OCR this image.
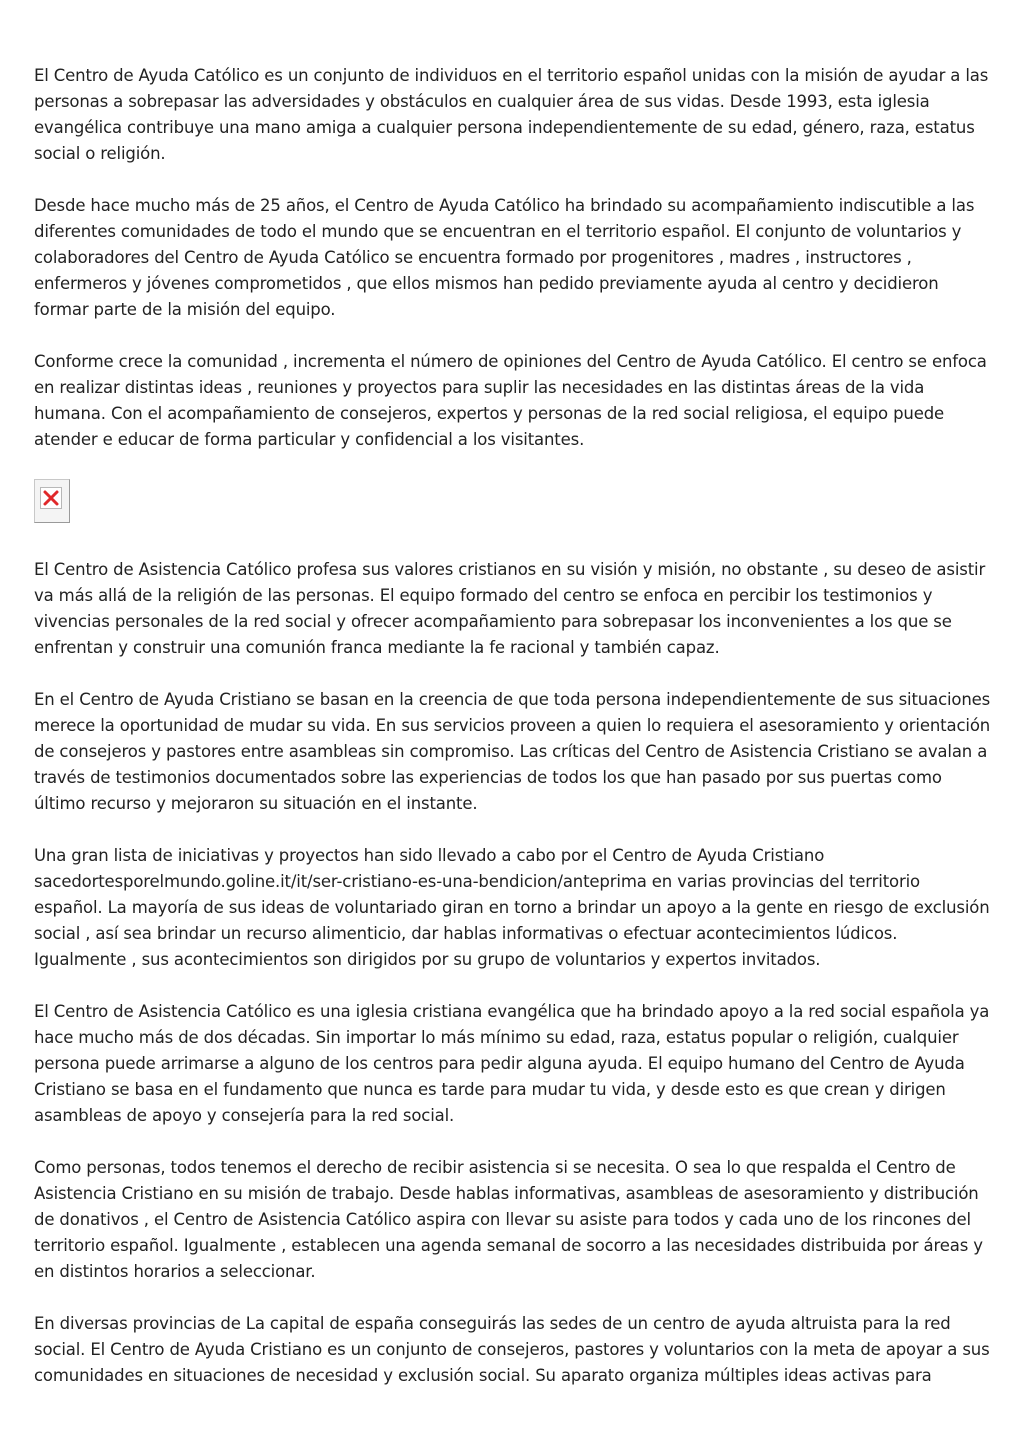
El Centro de Ayuda Católico es un conjunto de individuos en el territorio español unidas con la misión de ayudar a las personas a sobrepasar las adversidades y obstáculos en cualquier área de sus vidas. Desde 1993, esta iglesia evangélica contribuye una mano amiga a cualquier persona independientemente de su edad, género, raza, estatus social o religión.

Desde hace mucho más de 25 años, el Centro de Ayuda Católico ha brindado su acompañamiento indiscutible a las diferentes comunidades de todo el mundo que se encuentran en el territorio español. El conjunto de voluntarios y colaboradores del Centro de Ayuda Católico se encuentra formado por progenitores , madres , instructores , enfermeros y jóvenes comprometidos , que ellos mismos han pedido previamente ayuda al centro y decidieron formar parte de la misión del equipo.

Conforme crece la comunidad , incrementa el número de opiniones del Centro de Ayuda Católico. El centro se enfoca en realizar distintas ideas , reuniones y proyectos para suplir las necesidades en las distintas áreas de la vida humana. Con el acompañamiento de consejeros, expertos y personas de la red social religiosa, el equipo puede atender e educar de forma particular y confidencial a los visitantes.

El Centro de Asistencia Católico profesa sus valores cristianos en su visión y misión, no obstante , su deseo de asistir va más allá de la religión de las personas. El equipo formado del centro se enfoca en percibir los testimonios y vivencias personales de la red social y ofrecer acompañamiento para sobrepasar los inconvenientes a los que se enfrentan y construir una comunión franca mediante la fe racional y también capaz.

En el Centro de Ayuda Cristiano se basan en la creencia de que toda persona independientemente de sus situaciones merece la oportunidad de mudar su vida. En sus servicios proveen a quien lo requiera el asesoramiento y orientación de consejeros y pastores entre asambleas sin compromiso. Las críticas del Centro de Asistencia Cristiano se avalan a través de testimonios documentados sobre las experiencias de todos los que han pasado por sus puertas como último recurso y mejoraron su situación en el instante.

Una gran lista de iniciativas y proyectos han sido llevado a cabo por el Centro de Ayuda Cristiano sacedortesporelmundo.goline.it/it/ser-cristiano-es-una-bendicion/anteprima en varias provincias del territorio español. La mayoría de sus ideas de voluntariado giran en torno a brindar un apoyo a la gente en riesgo de exclusión social , así sea brindar un recurso alimenticio, dar hablas informativas o efectuar acontecimientos lúdicos. Igualmente , sus acontecimientos son dirigidos por su grupo de voluntarios y expertos invitados.

El Centro de Asistencia Católico es una iglesia cristiana evangélica que ha brindado apoyo a la red social española ya hace mucho más de dos décadas. Sin importar lo más mínimo su edad, raza, estatus popular o religión, cualquier persona puede arrimarse a alguno de los centros para pedir alguna ayuda. El equipo humano del Centro de Ayuda Cristiano se basa en el fundamento que nunca es tarde para mudar tu vida, y desde esto es que crean y dirigen asambleas de apoyo y consejería para la red social.

Como personas, todos tenemos el derecho de recibir asistencia si se necesita. O sea lo que respalda el Centro de Asistencia Cristiano en su misión de trabajo. Desde hablas informativas, asambleas de asesoramiento y distribución de donativos , el Centro de Asistencia Católico aspira con llevar su asiste para todos y cada uno de los rincones del territorio español. Igualmente , establecen una agenda semanal de socorro a las necesidades distribuida por áreas y en distintos horarios a seleccionar.

En diversas provincias de La capital de españa conseguirás las sedes de un centro de ayuda altruista para la red social. El Centro de Ayuda Cristiano es un conjunto de consejeros, pastores y voluntarios con la meta de apoyar a sus comunidades en situaciones de necesidad y exclusión social. Su aparato organiza múltiples ideas activas para
